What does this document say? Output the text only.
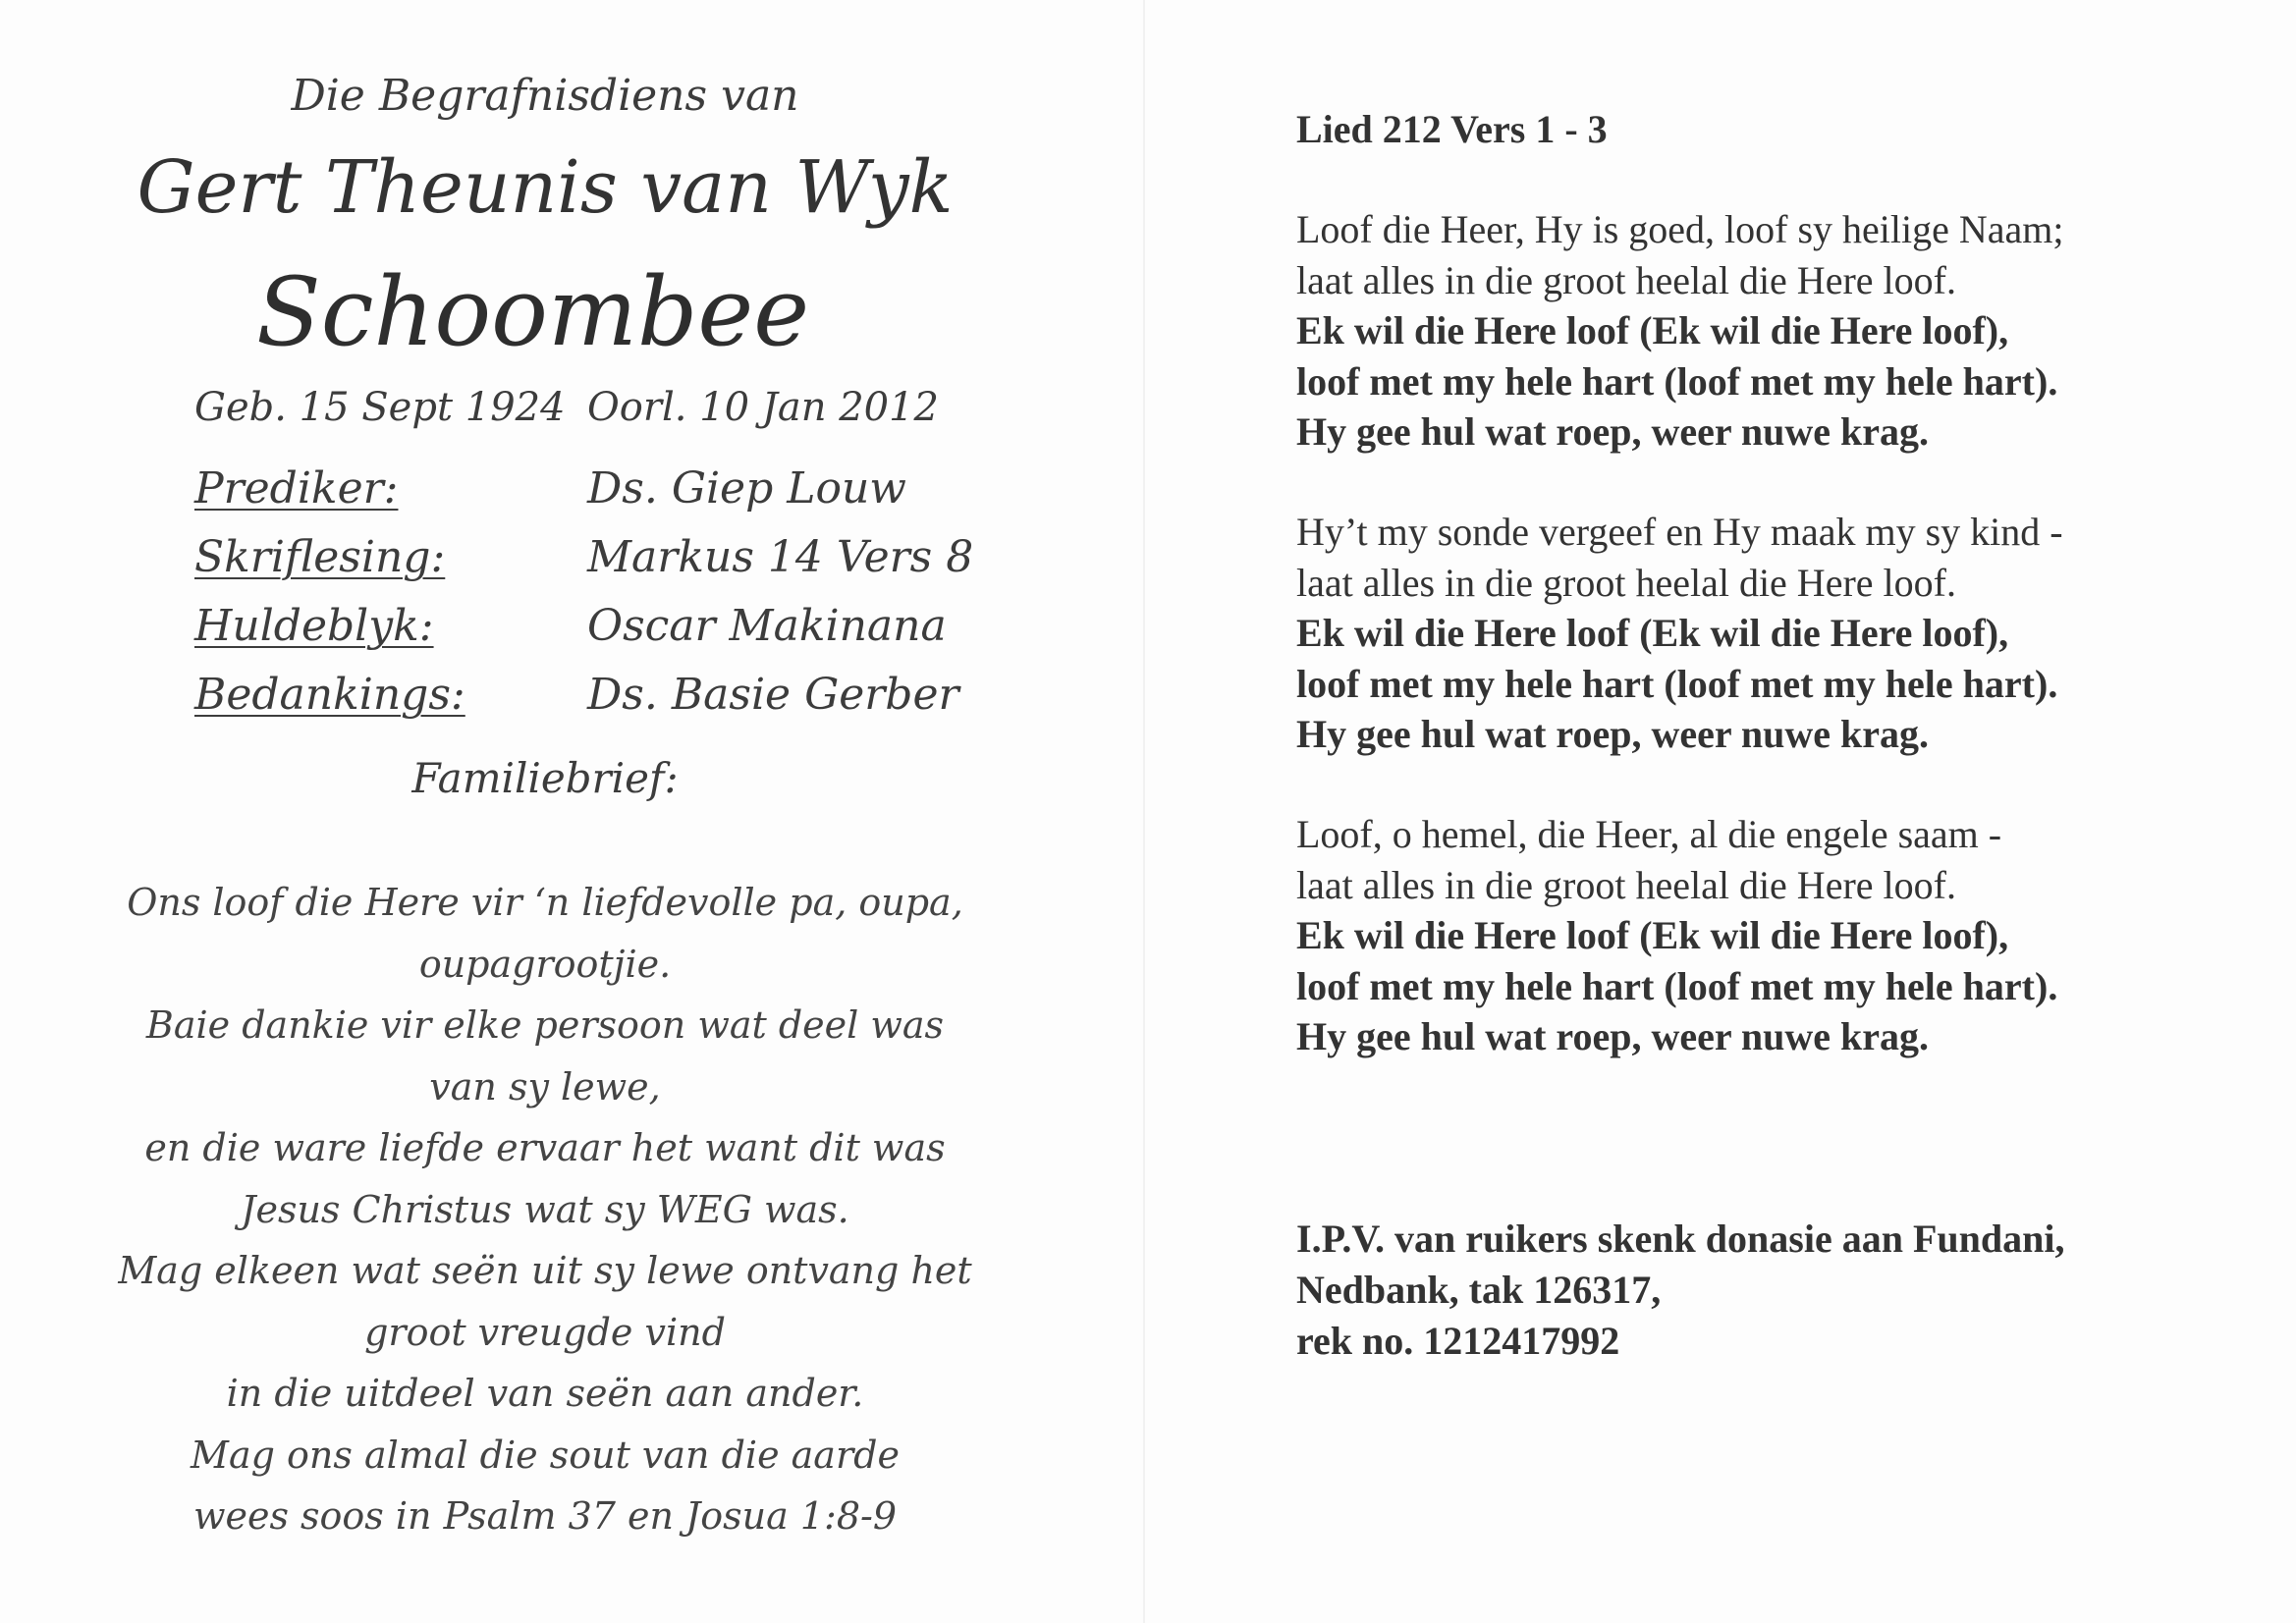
Die Begrafnisdiens van
Gert Theunis van Wyk
Schoombee
Geb. 15 Sept 1924 Oorl. 10 Jan 2012
Prediker:	Ds. Giep Louw
Skriflesing:	Markus 14 Vers 8
Huldeblyk:	Oscar Makinana
Bedankings:	Ds. Basie Gerber
Familiebrief:
Ons loof die Here vir ‘n liefdevolle pa, oupa,
oupagrootjie.
Baie dankie vir elke persoon wat deel was
van sy lewe,
en die ware liefde ervaar het want dit was
Jesus Christus wat sy WEG was.
Mag elkeen wat seën uit sy lewe ontvang het
groot vreugde vind
in die uitdeel van seën aan ander.
Mag ons almal die sout van die aarde
wees soos in Psalm 37 en Josua 1:8-9
Lied 212 Vers 1 - 3
Loof die Heer, Hy is goed, loof sy heilige Naam;
laat alles in die groot heelal die Here loof.
Ek wil die Here loof (Ek wil die Here loof),
loof met my hele hart (loof met my hele hart).
Hy gee hul wat roep, weer nuwe krag.
Hy’t my sonde vergeef en Hy maak my sy kind -
laat alles in die groot heelal die Here loof.
Ek wil die Here loof (Ek wil die Here loof),
loof met my hele hart (loof met my hele hart).
Hy gee hul wat roep, weer nuwe krag.
Loof, o hemel, die Heer, al die engele saam -
laat alles in die groot heelal die Here loof.
Ek wil die Here loof (Ek wil die Here loof),
loof met my hele hart (loof met my hele hart).
Hy gee hul wat roep, weer nuwe krag.
I.P.V. van ruikers skenk donasie aan Fundani,
Nedbank, tak 126317,
rek no. 1212417992
